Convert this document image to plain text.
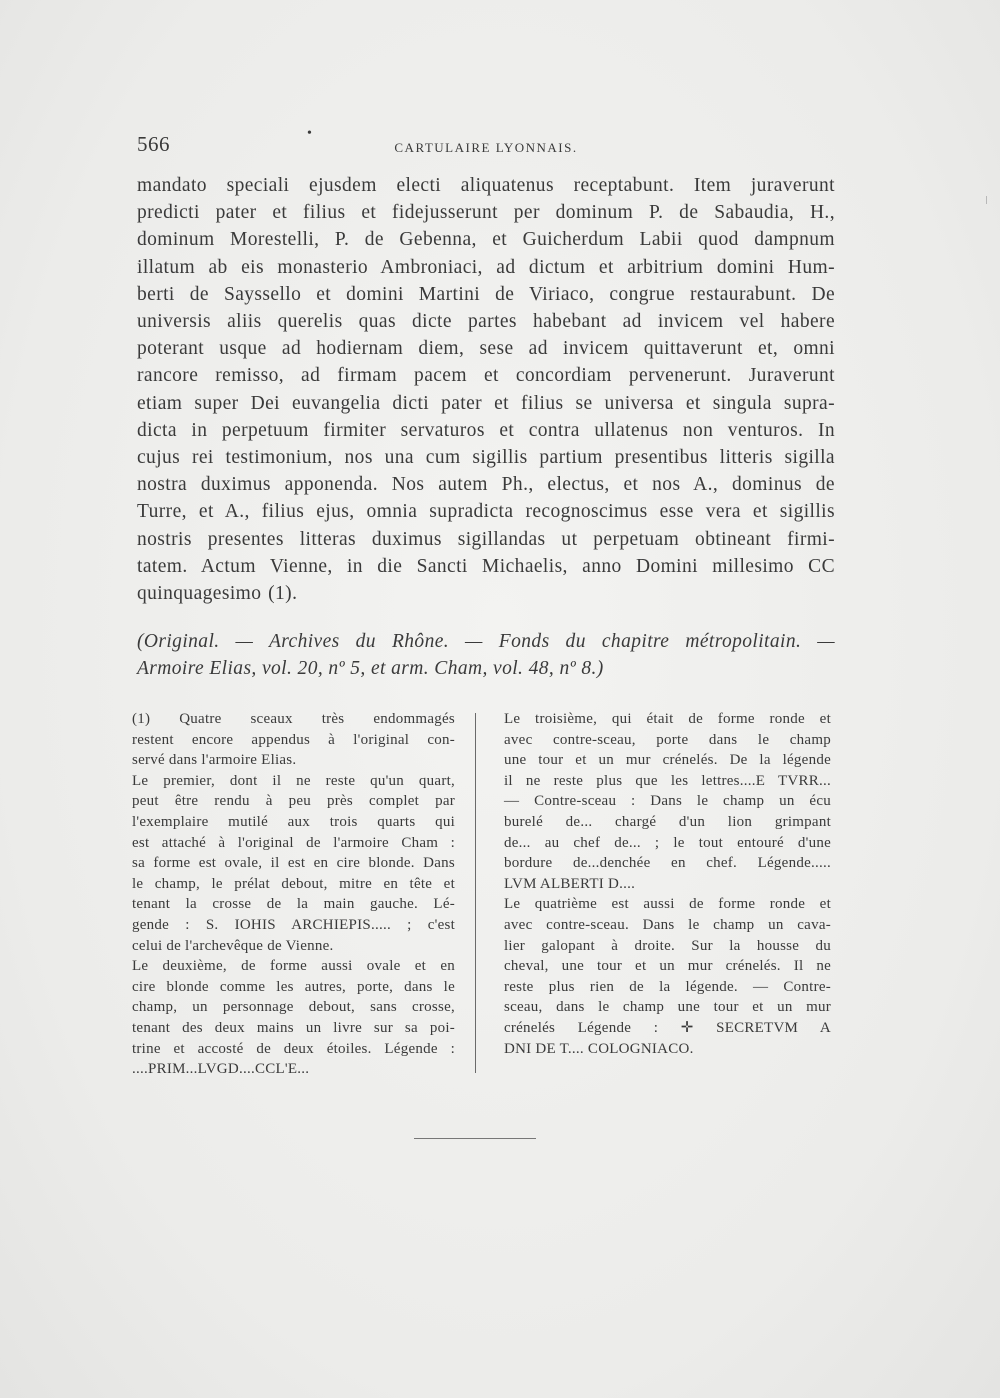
566	•
CARTULAIRE LYONNAIS.
mandato speciali ejusdem electi aliquatenus receptabunt. Item juraverunt
predicti pater et filius et fidejusserunt per dominum P. de Sabaudia, H.,
dominum Morestelli, P. de Gebenna, et Guicherdum Labii quod dampnum
illatum ab eis monasterio Ambroniaci, ad dictum et arbitrium domini Hum-
berti de Sayssello et domini Martini de Viriaco, congrue restaurabunt. De
universis aliis querelis quas dicte partes habebant ad invicem vel habere
poterant usque ad hodiernam diem, sese ad invicem quittaverunt et, omni
rancore remisso, ad firmam pacem et concordiam pervenerunt. Juraverunt
etiam super Dei euvangelia dicti pater et filius se universa et singula supra-
dicta in perpetuum firmiter servaturos et contra ullatenus non venturos. In
cujus rei testimonium, nos una cum sigillis partium presentibus litteris sigilla
nostra duximus apponenda. Nos autem Ph., electus, et nos A., dominus de
Turre, et A., filius ejus, omnia supradicta recognoscimus esse vera et sigillis
nostris presentes litteras duximus sigillandas ut perpetuam obtineant firmi-
tatem. Actum Vienne, in die Sancti Michaelis, anno Domini millesimo CC
quinquagesimo (1).
(Original. — Archives du Rhône. — Fonds du chapitre métropolitain. —
Armoire Elias, vol. 20, nº 5, et arm. Cham, vol. 48, nº 8.)

(1) Quatre sceaux très endommagés
restent encore appendus à l'original con-
servé dans l'armoire Elias.

Le premier, dont il ne reste qu'un quart,
peut être rendu à peu près complet par
l'exemplaire mutilé aux trois quarts qui
est attaché à l'original de l'armoire Cham :
sa forme est ovale, il est en cire blonde. Dans
le champ, le prélat debout, mitre en tête et
tenant la crosse de la main gauche. Lé-
gende : S. IOHIS ARCHIEPIS..... ; c'est
celui de l'archevêque de Vienne.

Le deuxième, de forme aussi ovale et en
cire blonde comme les autres, porte, dans le
champ, un personnage debout, sans crosse,
tenant des deux mains un livre sur sa poi-
trine et accosté de deux étoiles. Légende :
....PRIM...LVGD....CCL'E...

Le troisième, qui était de forme ronde et
avec contre-sceau, porte dans le champ
une tour et un mur crénelés. De la légende
il ne reste plus que les lettres....E TVRR...
— Contre-sceau : Dans le champ un écu
burelé de... chargé d'un lion grimpant
de... au chef de... ; le tout entouré d'une
bordure de...denchée en chef. Légende.....
LVM ALBERTI D....

Le quatrième est aussi de forme ronde et
avec contre-sceau. Dans le champ un cava-
lier galopant à droite. Sur la housse du
cheval, une tour et un mur crénelés. Il ne
reste plus rien de la légende. — Contre-
sceau, dans le champ une tour et un mur
crénelés Légende : ✛ SECRETVM A
DNI DE T.... COLOGNIACO.
